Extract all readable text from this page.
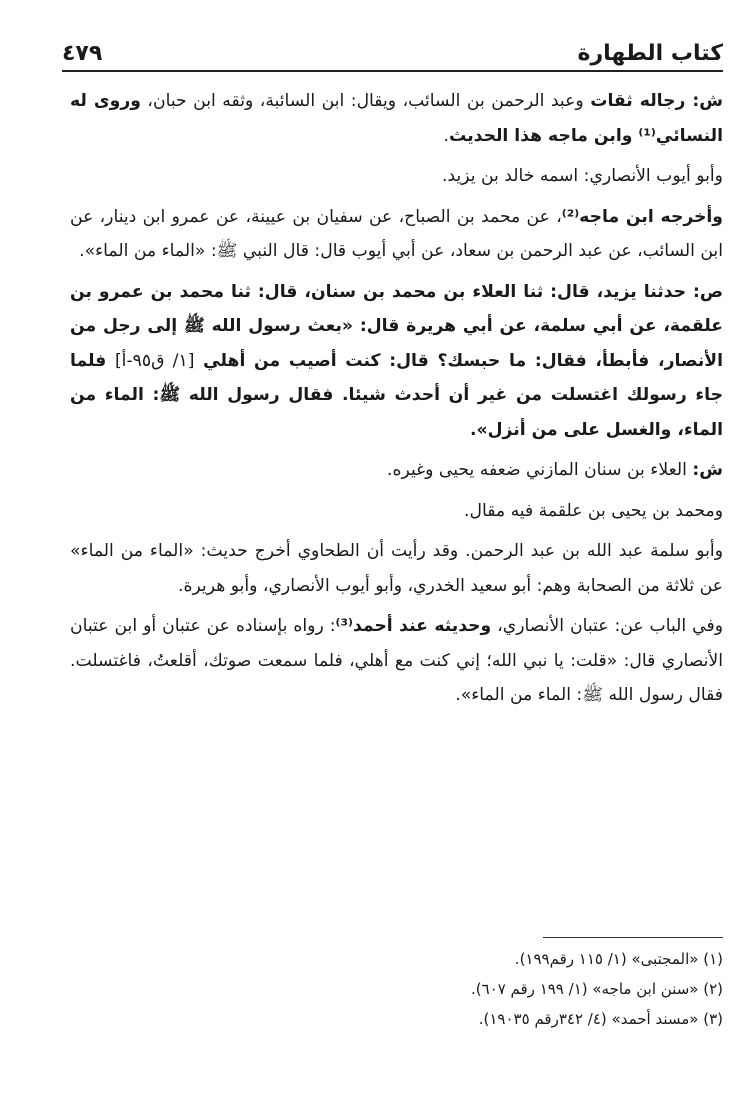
٤٧٩	كتاب الطهارة

ش: رجاله ثقات وعبد الرحمن بن السائب، ويقال: ابن السائبة، وثقه ابن حبان، وروى له النسائي⁽¹⁾ وابن ماجه هذا الحديث.

وأبو أيوب الأنصاري: اسمه خالد بن يزيد.

وأخرجه ابن ماجه⁽²⁾، عن محمد بن الصباح، عن سفيان بن عيينة، عن عمرو ابن دينار، عن ابن السائب، عن عبد الرحمن بن سعاد، عن أبي أيوب قال: قال النبي ﷺ: «الماء من الماء».

ص: حدثنا يزيد، قال: ثنا العلاء بن محمد بن سنان، قال: ثنا محمد بن عمرو بن علقمة، عن أبي سلمة، عن أبي هريرة قال: «بعث رسول الله ﷺ إلى رجل من الأنصار، فأبطأ، فقال: ما حبسك؟ قال: كنت أصيب من أهلي [١/ ق٩٥-أ] فلما جاء رسولك اغتسلت من غير أن أحدث شيئا. فقال رسول الله ﷺ: الماء من الماء، والغسل على من أنزل».

ش: العلاء بن سنان المازني ضعفه يحيى وغيره.

ومحمد بن يحيى بن علقمة فيه مقال.

وأبو سلمة عبد الله بن عبد الرحمن. وقد رأيت أن الطحاوي أخرج حديث: «الماء من الماء» عن ثلاثة من الصحابة وهم: أبو سعيد الخدري، وأبو أيوب الأنصاري، وأبو هريرة.

وفي الباب عن: عتبان الأنصاري، وحديثه عند أحمد⁽³⁾: رواه بإسناده عن عتبان أو ابن عتبان الأنصاري قال: «قلت: يا نبي الله؛ إني كنت مع أهلي، فلما سمعت صوتك، أقلعتُ، فاغتسلت. فقال رسول الله ﷺ: الماء من الماء».

(١) «المجتبى» (١/ ١١٥ رقم١٩٩).
(٢) «سنن ابن ماجه» (١/ ١٩٩ رقم ٦٠٧).
(٣) «مسند أحمد» (٤/ ٣٤٢رقم ١٩٠٣٥).
